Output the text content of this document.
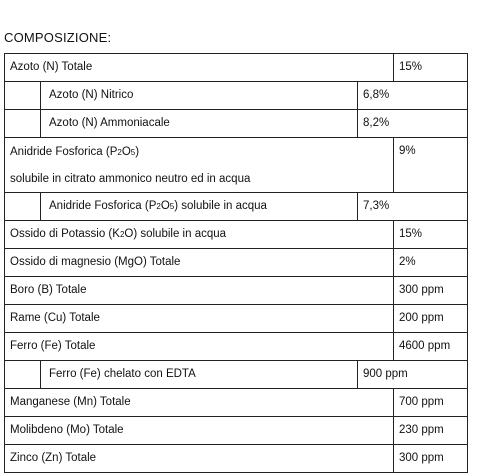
COMPOSIZIONE:
Azoto (N) Totale			15%
	Azoto (N) Nitrico	6,8%	
	Azoto (N) Ammoniacale	8,2%	

Anidride Fosforica (P2O5)
solubile in citrato ammonico neutro ed in acqua			9%
	Anidride Fosforica (P2O5) solubile in acqua	7,3%	
Ossido di Potassio (K2O) solubile in acqua			15%
Ossido di magnesio (MgO) Totale			2%
Boro (B) Totale			300 ppm
Rame (Cu) Totale			200 ppm
Ferro (Fe) Totale			4600 ppm
	Ferro (Fe) chelato con EDTA	900 ppm	
Manganese (Mn) Totale			700 ppm
Molibdeno (Mo) Totale			230 ppm
Zinco (Zn) Totale			300 ppm
